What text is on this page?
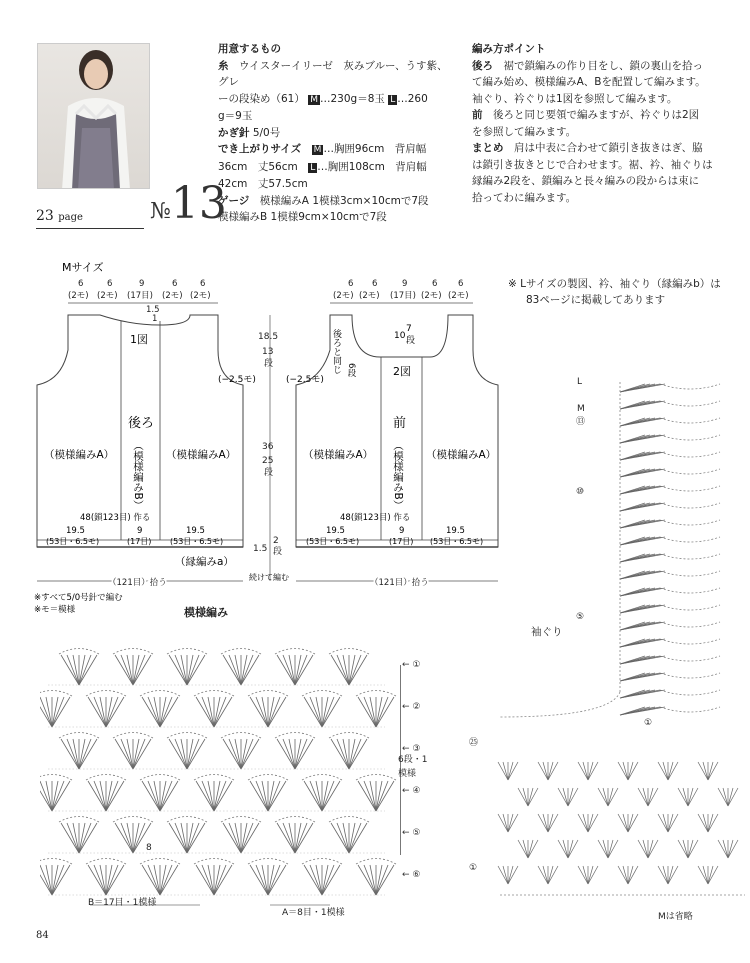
用意するもの
糸　 ウイスターイリーゼ　灰みブルー、うす紫、グレ
ーの段染め（61） M …230g＝8玉 L …260
g＝9玉
かぎ針 5/0号
でき上がりサイズ　 M …胸囲96cm　背肩幅
36cm　丈56cm　 L …胸囲108cm　背肩幅
42cm　丈57.5cm
ゲージ　 模様編みA 1模様3cm×10cmで7段
模様編みB 1模様9cm×10cmで7段
編み方ポイント
後ろ　 裾で鎖編みの作り目をし、鎖の裏山を拾っ
て編み始め、模様編みA、Bを配置して編みます。
袖ぐり、衿ぐりは1図を参照して編みます。
前　 後ろと同じ要領で編みますが、衿ぐりは2図
を参照して編みます。
まとめ　 肩は中表に合わせて鎖引き抜きはぎ、脇
は鎖引き抜きとじで合わせます。裾、衿、袖ぐりは
縁編み2段を、鎖編みと長々編みの段からは束に
拾ってわに編みます。
23 page	№13
Mサイズ
6	6	9	6	6
(2モ) (2モ) (17目) (2モ) (2モ)
1.5
1
6 6	9	6 6
(2モ) (2モ) (17目) (2モ) (2モ)
1図
後ろ
（模様編みB）
（模様編みA）	（模様編みA）
(−2.5モ)
48(鎖123目) 作る
19.5	9	19.5
(53目・6.5モ)	(17目) (53目・6.5モ)
（縁編みa）
（121目）拾う
18.5
13
段
36
25
段
1.5
2
段
続けて編む
10
7
段
後ろと同じ 6段	2図
前
（模様編みB）
（模様編みA）	（模様編みA）
(−2.5モ)
48(鎖123目) 作る
19.5	9	19.5
(53目・6.5モ)	(17目) (53目・6.5モ)
（121目）拾う
※すべて5/0号針で編む
※モ＝模様
※ Lサイズの製図、衿、袖ぐり（縁編みb）は
83ページに掲載してあります
模様編み
← ⑥
← ⑤
← ④
← ③
← ②
← ①
6段・1
模様
B＝17目・1模様
A＝8目・1模様
8
L
M
⑬
⑩
⑤
袖ぐり
①
㉕
①
Mは省略
84
